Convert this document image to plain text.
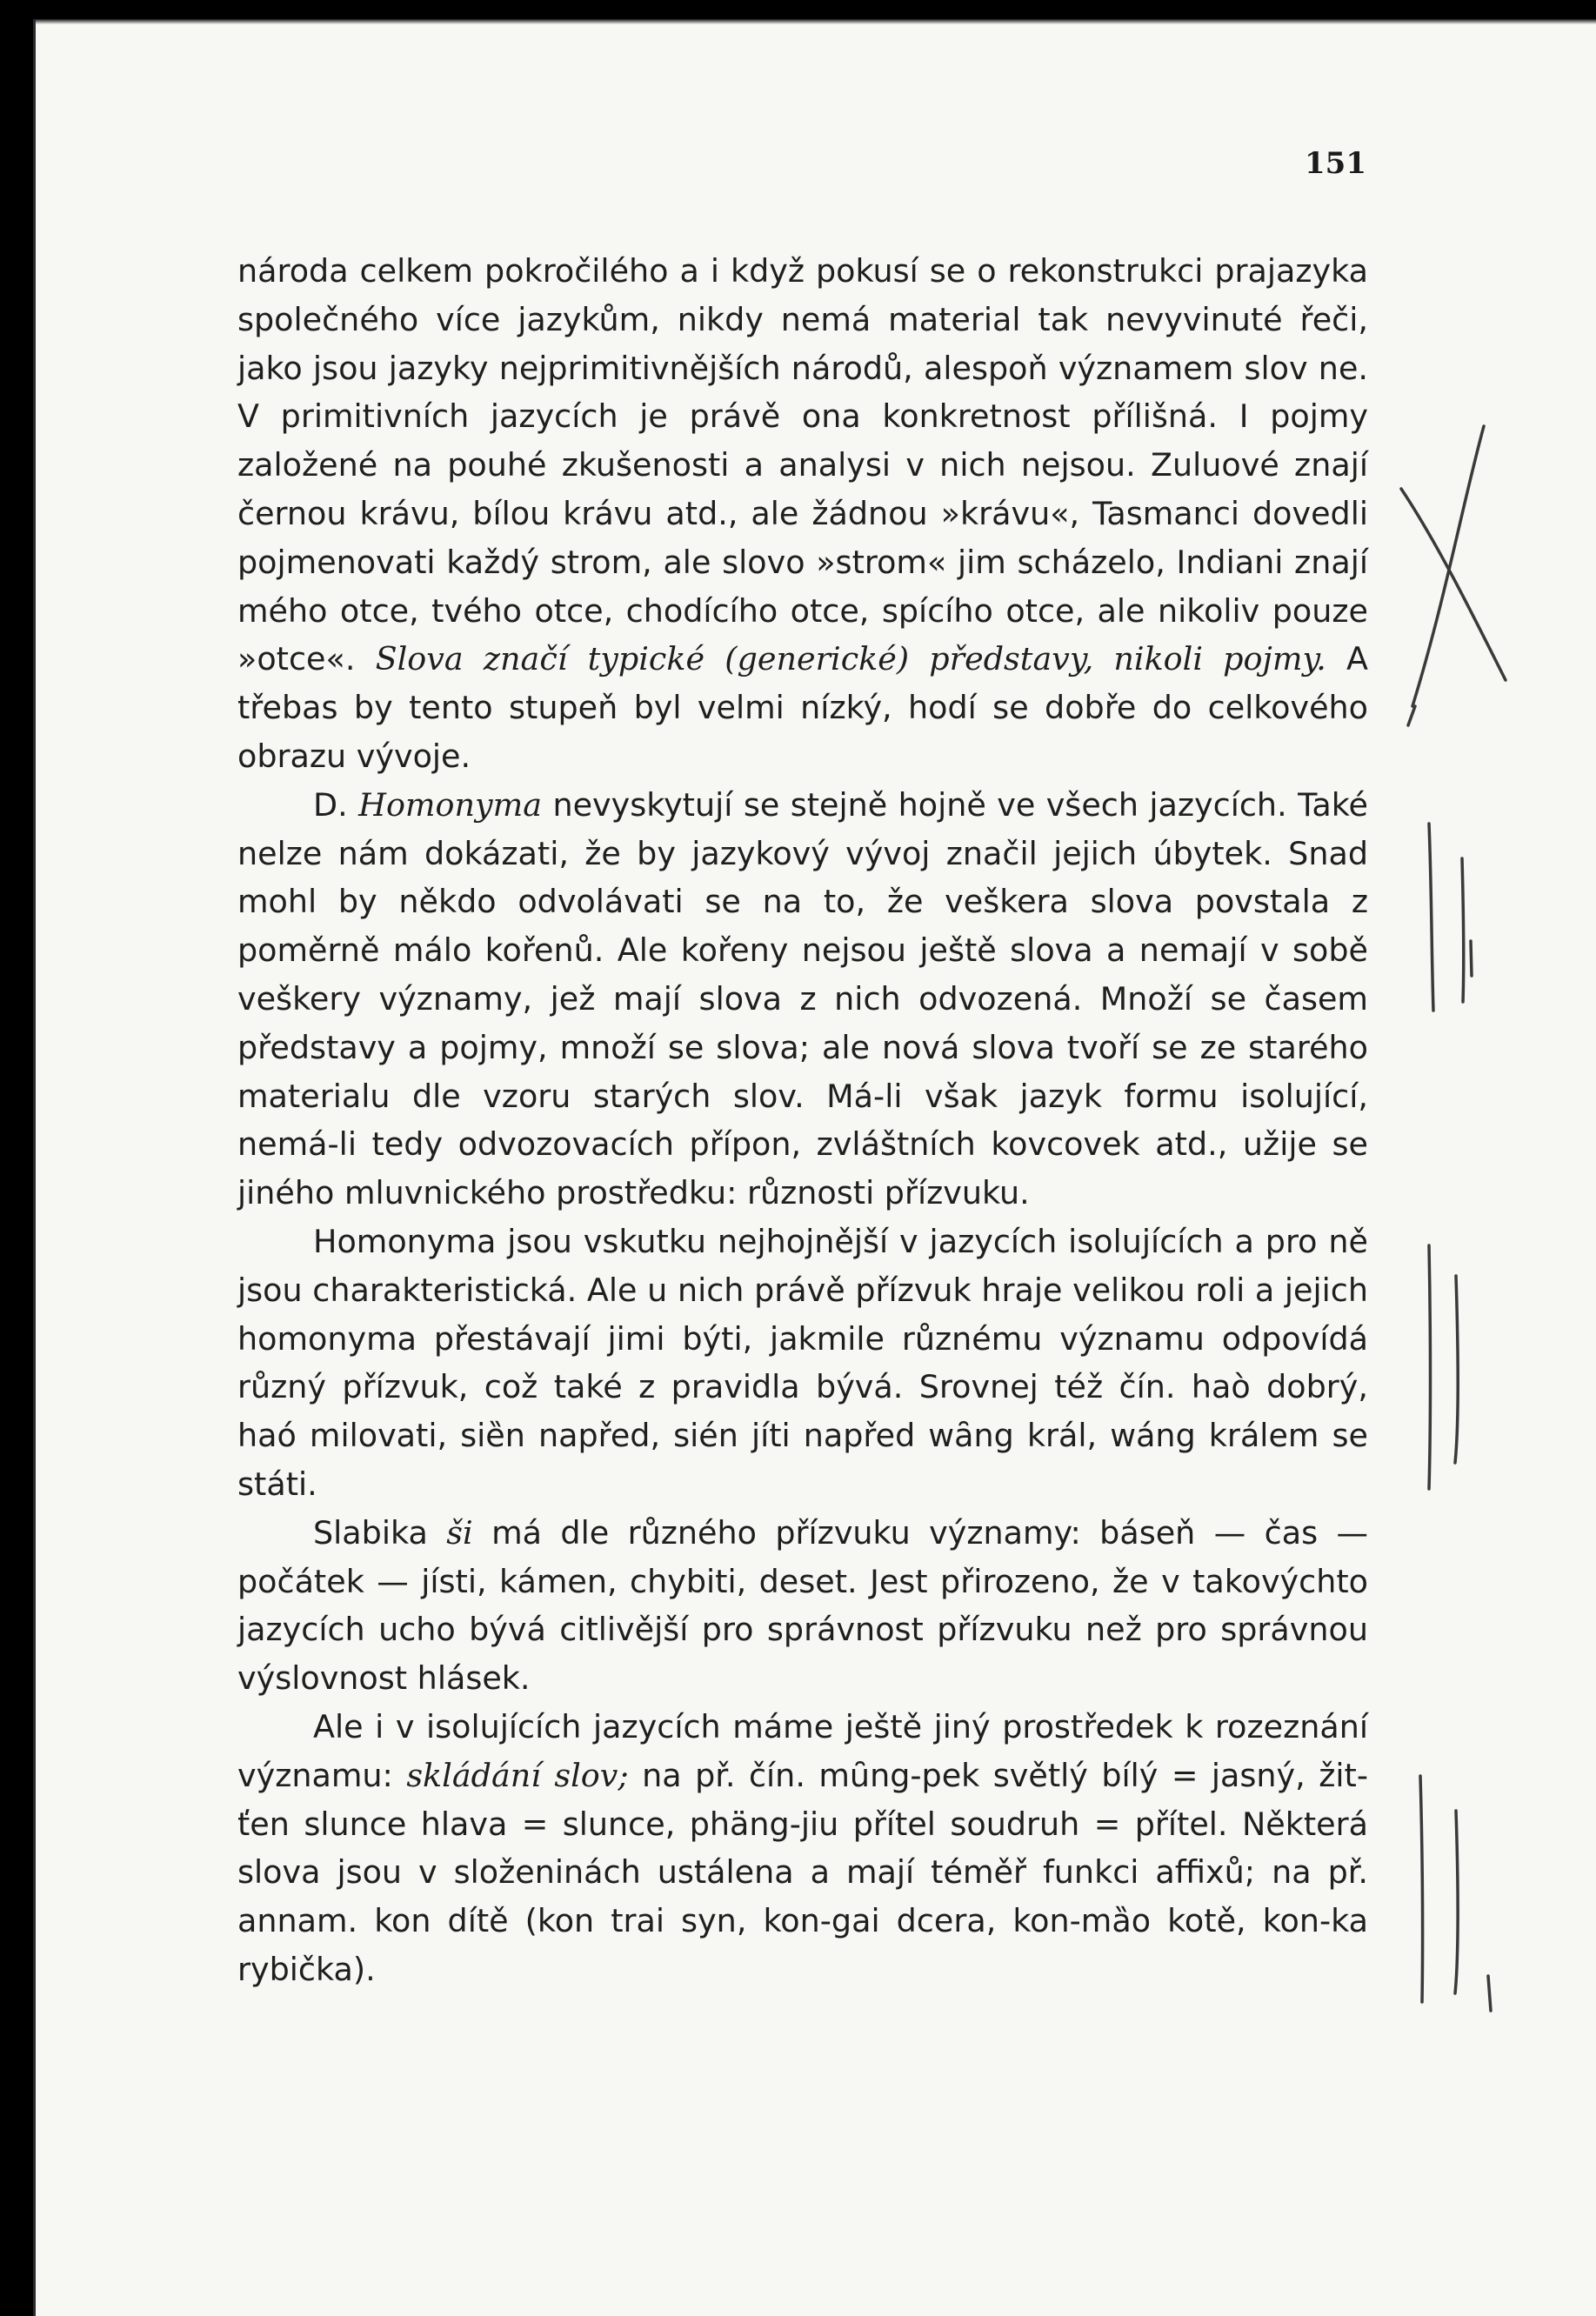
151

národa celkem pokročilého a i když pokusí se o rekonstrukci prajazyka společného více jazykům, nikdy nemá material tak nevyvinuté řeči, jako jsou jazyky nejprimitivnějších národů, alespoň významem slov ne. V primitivních jazycích je právě ona konkretnost přílišná. I pojmy založené na pouhé zkušenosti a analysi v nich nejsou. Zuluové znají černou krávu, bílou krávu atd., ale žádnou »krávu«, Tasmanci dovedli pojmenovati každý strom, ale slovo »strom« jim scházelo, Indiani znají mého otce, tvého otce, chodícího otce, spícího otce, ale nikoliv pouze »otce«. Slova značí typické (generické) představy, nikoli pojmy. A třebas by tento stupeň byl velmi nízký, hodí se dobře do celkového obrazu vývoje.

D. Homonyma nevyskytují se stejně hojně ve všech jazycích. Také nelze nám dokázati, že by jazykový vývoj značil jejich úbytek. Snad mohl by někdo odvolávati se na to, že veškera slova povstala z poměrně málo kořenů. Ale kořeny nejsou ještě slova a nemají v sobě veškery významy, jež mají slova z nich odvozená. Množí se časem představy a pojmy, množí se slova; ale nová slova tvoří se ze starého materialu dle vzoru starých slov. Má-li však jazyk formu isolující, nemá-li tedy odvozovacích přípon, zvláštních kovcovek atd., užije se jiného mluvnického prostředku: různosti přízvuku.

Homonyma jsou vskutku nejhojnější v jazycích isolujících a pro ně jsou charakteristická. Ale u nich právě přízvuk hraje velikou roli a jejich homonyma přestávají jimi býti, jakmile různému významu odpovídá různý přízvuk, což také z pravidla bývá. Srovnej též čín. haò dobrý, haó milovati, siȅn napřed, sién jíti napřed wȃng král, wáng králem se státi.

Slabika ši má dle různého přízvuku významy: báseň — čas — počátek — jísti, kámen, chybiti, deset. Jest přirozeno, že v takovýchto jazycích ucho bývá citlivější pro správnost přízvuku než pro správnou výslovnost hlásek.

Ale i v isolujících jazycích máme ještě jiný prostředek k rozeznání významu: skládání slov; na př. čín. mȗng-pek světlý bílý = jasný, žit-ťen slunce hlava = slunce, phäng-jiu přítel soudruh = přítel. Některá slova jsou v složeninách ustálena a mají téměř funkci affixů; na př. annam. kon dítě (kon trai syn, kon-gai dcera, kon-mȁo kotě, kon-ka rybička).
